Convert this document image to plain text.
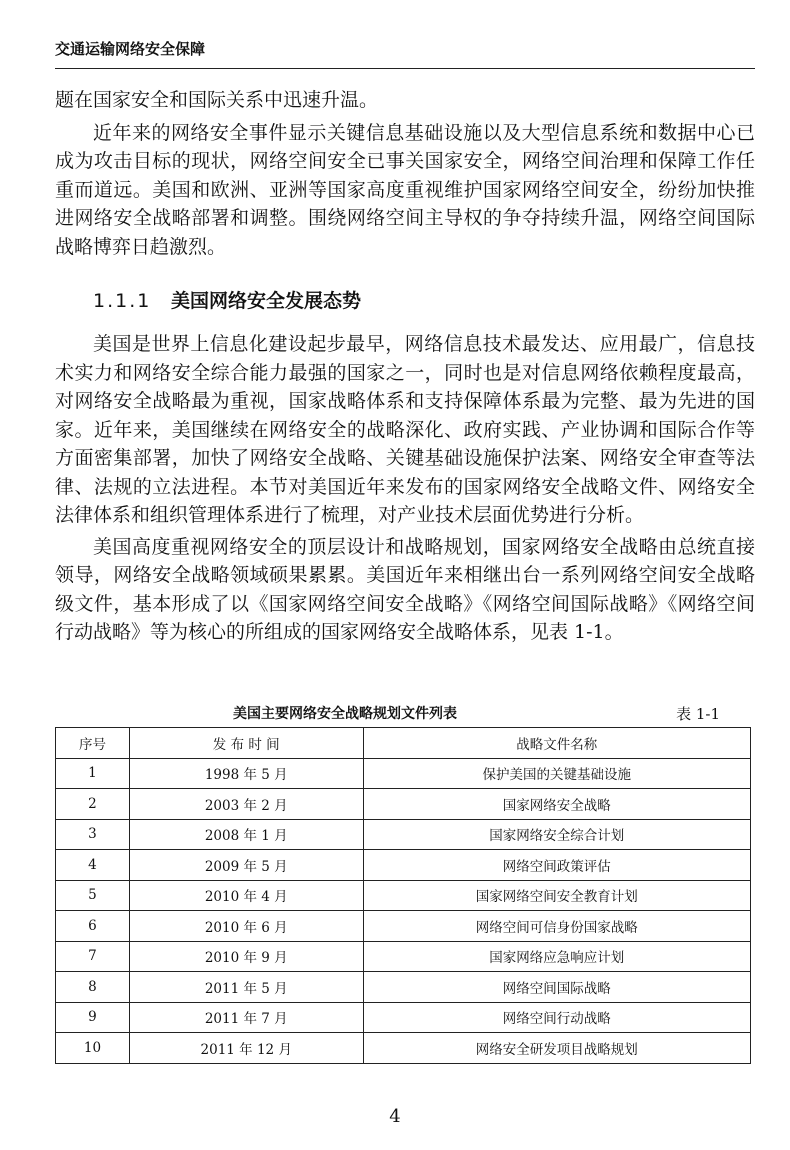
交通运输网络安全保障

题在国家安全和国际关系中迅速升温。

近年来的网络安全事件显示关键信息基础设施以及大型信息系统和数据中心已成为攻击目标的现状，网络空间安全已事关国家安全，网络空间治理和保障工作任重而道远。美国和欧洲、亚洲等国家高度重视维护国家网络空间安全，纷纷加快推进网络安全战略部署和调整。围绕网络空间主导权的争夺持续升温，网络空间国际战略博弈日趋激烈。

1.1.1 美国网络安全发展态势

美国是世界上信息化建设起步最早，网络信息技术最发达、应用最广，信息技术实力和网络安全综合能力最强的国家之一，同时也是对信息网络依赖程度最高，对网络安全战略最为重视，国家战略体系和支持保障体系最为完整、最为先进的国家。近年来，美国继续在网络安全的战略深化、政府实践、产业协调和国际合作等方面密集部署，加快了网络安全战略、关键基础设施保护法案、网络安全审查等法律、法规的立法进程。本节对美国近年来发布的国家网络安全战略文件、网络安全法律体系和组织管理体系进行了梳理，对产业技术层面优势进行分析。

美国高度重视网络安全的顶层设计和战略规划，国家网络安全战略由总统直接领导，网络安全战略领域硕果累累。美国近年来相继出台一系列网络空间安全战略级文件，基本形成了以《国家网络空间安全战略》《网络空间国际战略》《网络空间行动战略》等为核心的所组成的国家网络安全战略体系，见表 1-1。

美国主要网络安全战略规划文件列表	表 1-1
序号	发 布 时 间	战略文件名称
1	1998 年 5 月	保护美国的关键基础设施
2	2003 年 2 月	国家网络安全战略
3	2008 年 1 月	国家网络安全综合计划
4	2009 年 5 月	网络空间政策评估
5	2010 年 4 月	国家网络空间安全教育计划
6	2010 年 6 月	网络空间可信身份国家战略
7	2010 年 9 月	国家网络应急响应计划
8	2011 年 5 月	网络空间国际战略
9	2011 年 7 月	网络空间行动战略
10	2011 年 12 月	网络安全研发项目战略规划
4
